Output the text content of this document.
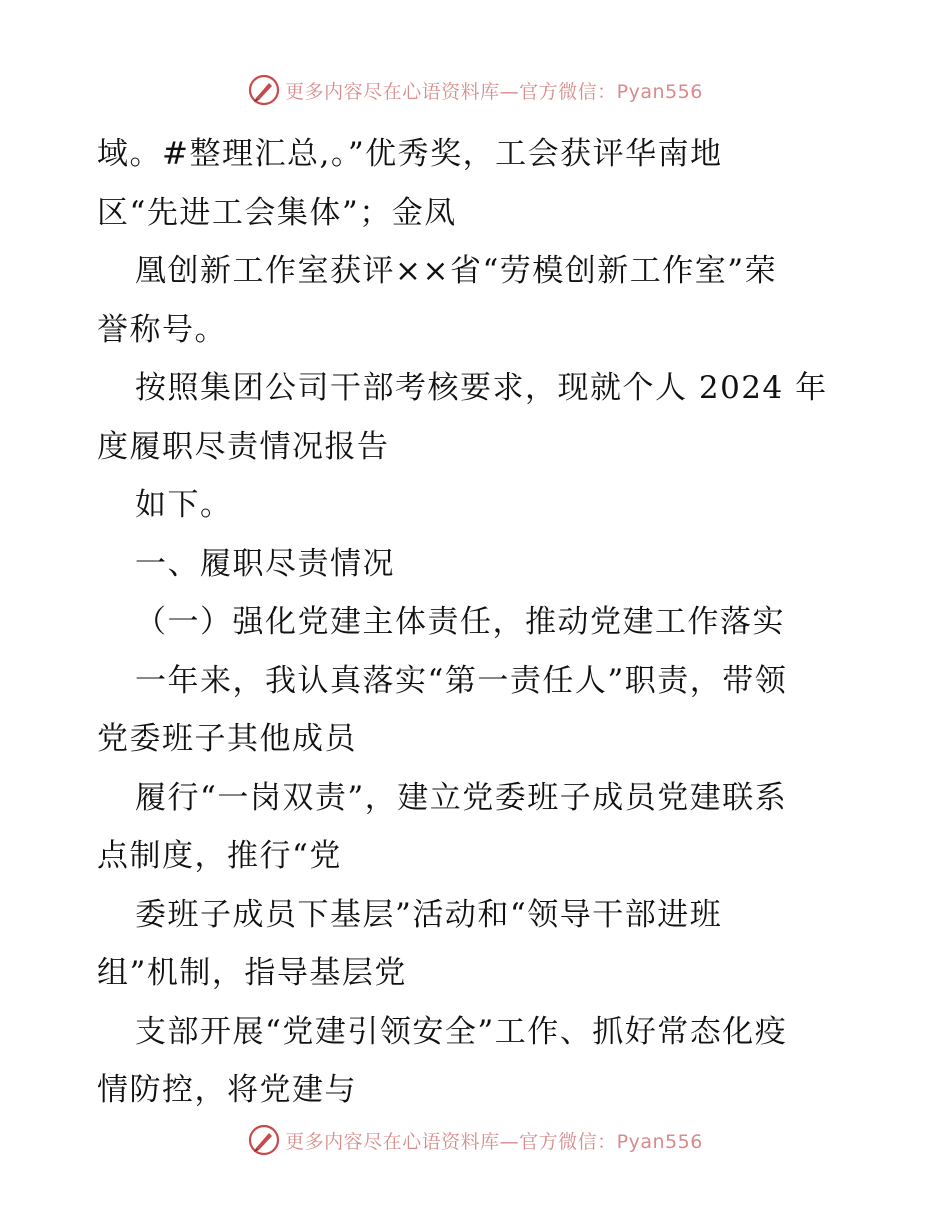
更多内容尽在心语资料库—官方微信：Pyan556
域。#整理汇总,。”优秀奖，工会获评华南地
区“先进工会集体”；金凤
凰创新工作室获评××省“劳模创新工作室”荣
誉称号。
按照集团公司干部考核要求，现就个人 2024 年
度履职尽责情况报告
如下。
一、履职尽责情况
（一）强化党建主体责任，推动党建工作落实
一年来，我认真落实“第一责任人”职责，带领
党委班子其他成员
履行“一岗双责”，建立党委班子成员党建联系
点制度，推行“党
委班子成员下基层”活动和“领导干部进班
组”机制，指导基层党
支部开展“党建引领安全”工作、抓好常态化疫
情防控，将党建与
更多内容尽在心语资料库—官方微信：Pyan556
